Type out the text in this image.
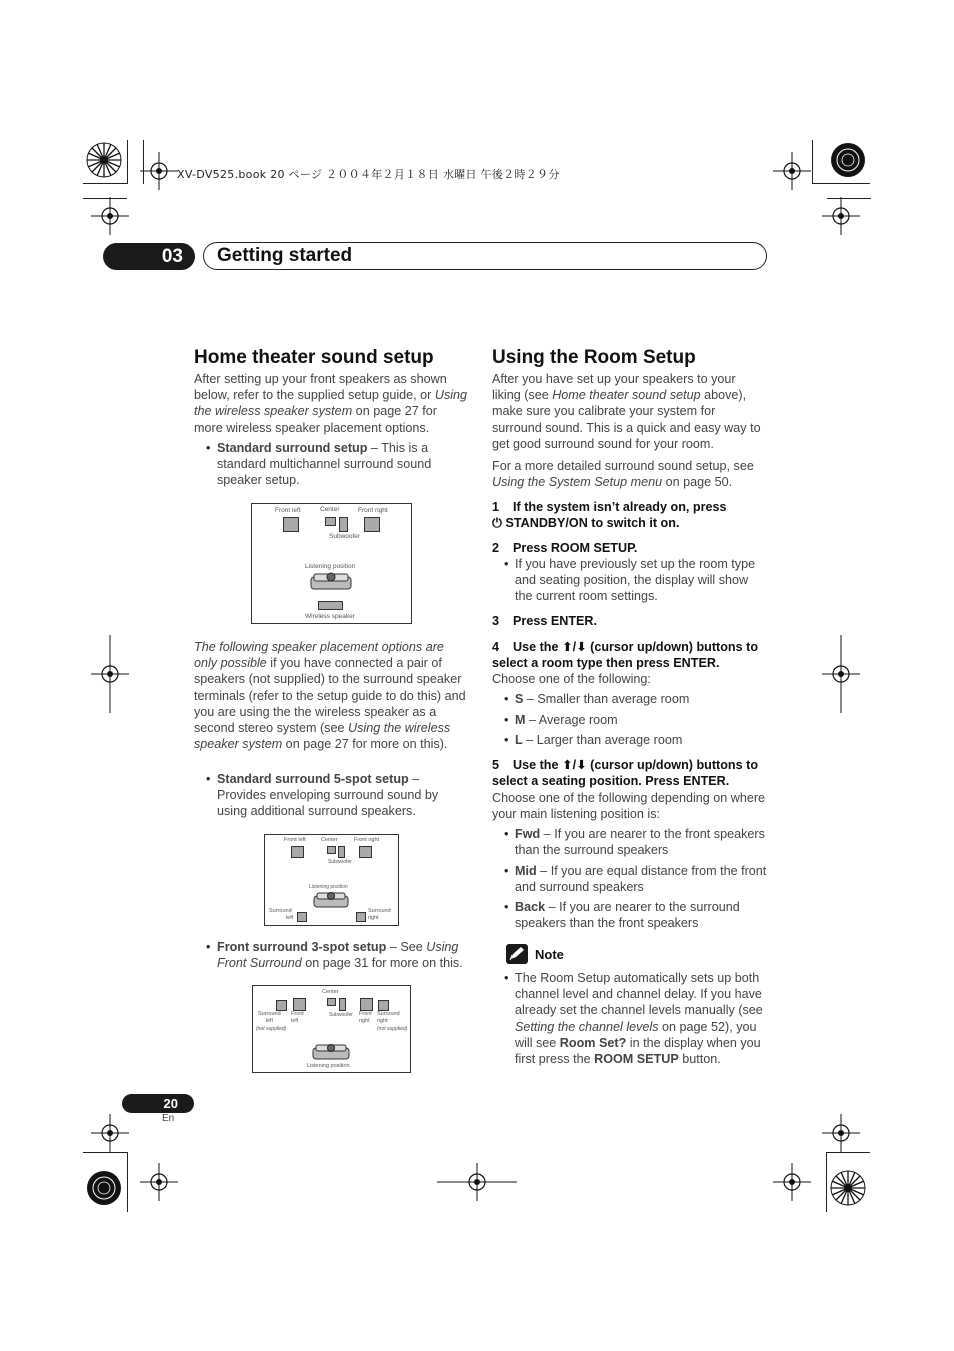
XV-DV525.book 20 ページ ２００４年２月１８日 水曜日 午後２時２９分
03	Getting started
Home theater sound setup

After setting up your front speakers as shown below, refer to the supplied setup guide, or Using the wireless speaker system on page 27 for more wireless speaker placement options.

• Standard surround setup – This is a standard multichannel surround sound speaker setup.
Front left	Center	Front right
Subwoofer
Listening position
Wireless speaker

The following speaker placement options are only possible if you have connected a pair of speakers (not supplied) to the surround speaker terminals (refer to the setup guide to do this) and you are using the the wireless speaker as a second stereo system (see Using the wireless speaker system on page 27 for more on this).

• Standard surround 5-spot setup – Provides enveloping surround sound by using additional surround speakers.
Front left	Center	Front right
Subwoofer
Listening position
Surround
left
Surround
right
• Front surround 3-spot setup – See Using Front Surround on page 31 for more on this.
Center
Surround
left
(not supplied)
Front
left
Subwoofer Front
right
Surround
right
(not supplied)
Listening position
Using the Room Setup

After you have set up your speakers to your liking (see Home theater sound setup above), make sure you calibrate your system for surround sound. This is a quick and easy way to get good surround sound for your room.

For a more detailed surround sound setup, see Using the System Setup menu on page 50.

1 If the system isn’t already on, press
⏻ STANDBY/ON to switch it on.
2 Press ROOM SETUP.
• If you have previously set up the room type and seating position, the display will show the current room settings.
3 Press ENTER.
4 Use the ⬆/⬇ (cursor up/down) buttons to select a room type then press ENTER.

Choose one of the following:

• S – Smaller than average room
• M – Average room
• L – Larger than average room
5 Use the ⬆/⬇ (cursor up/down) buttons to select a seating position. Press ENTER.

Choose one of the following depending on where your main listening position is:

• Fwd – If you are nearer to the front speakers than the surround speakers
• Mid – If you are equal distance from the front and surround speakers
• Back – If you are nearer to the surround speakers than the front speakers
Note
• The Room Setup automatically sets up both channel level and channel delay. If you have already set the channel levels manually (see Setting the channel levels on page 52), you will see Room Set? in the display when you first press the ROOM SETUP button.
20
En
